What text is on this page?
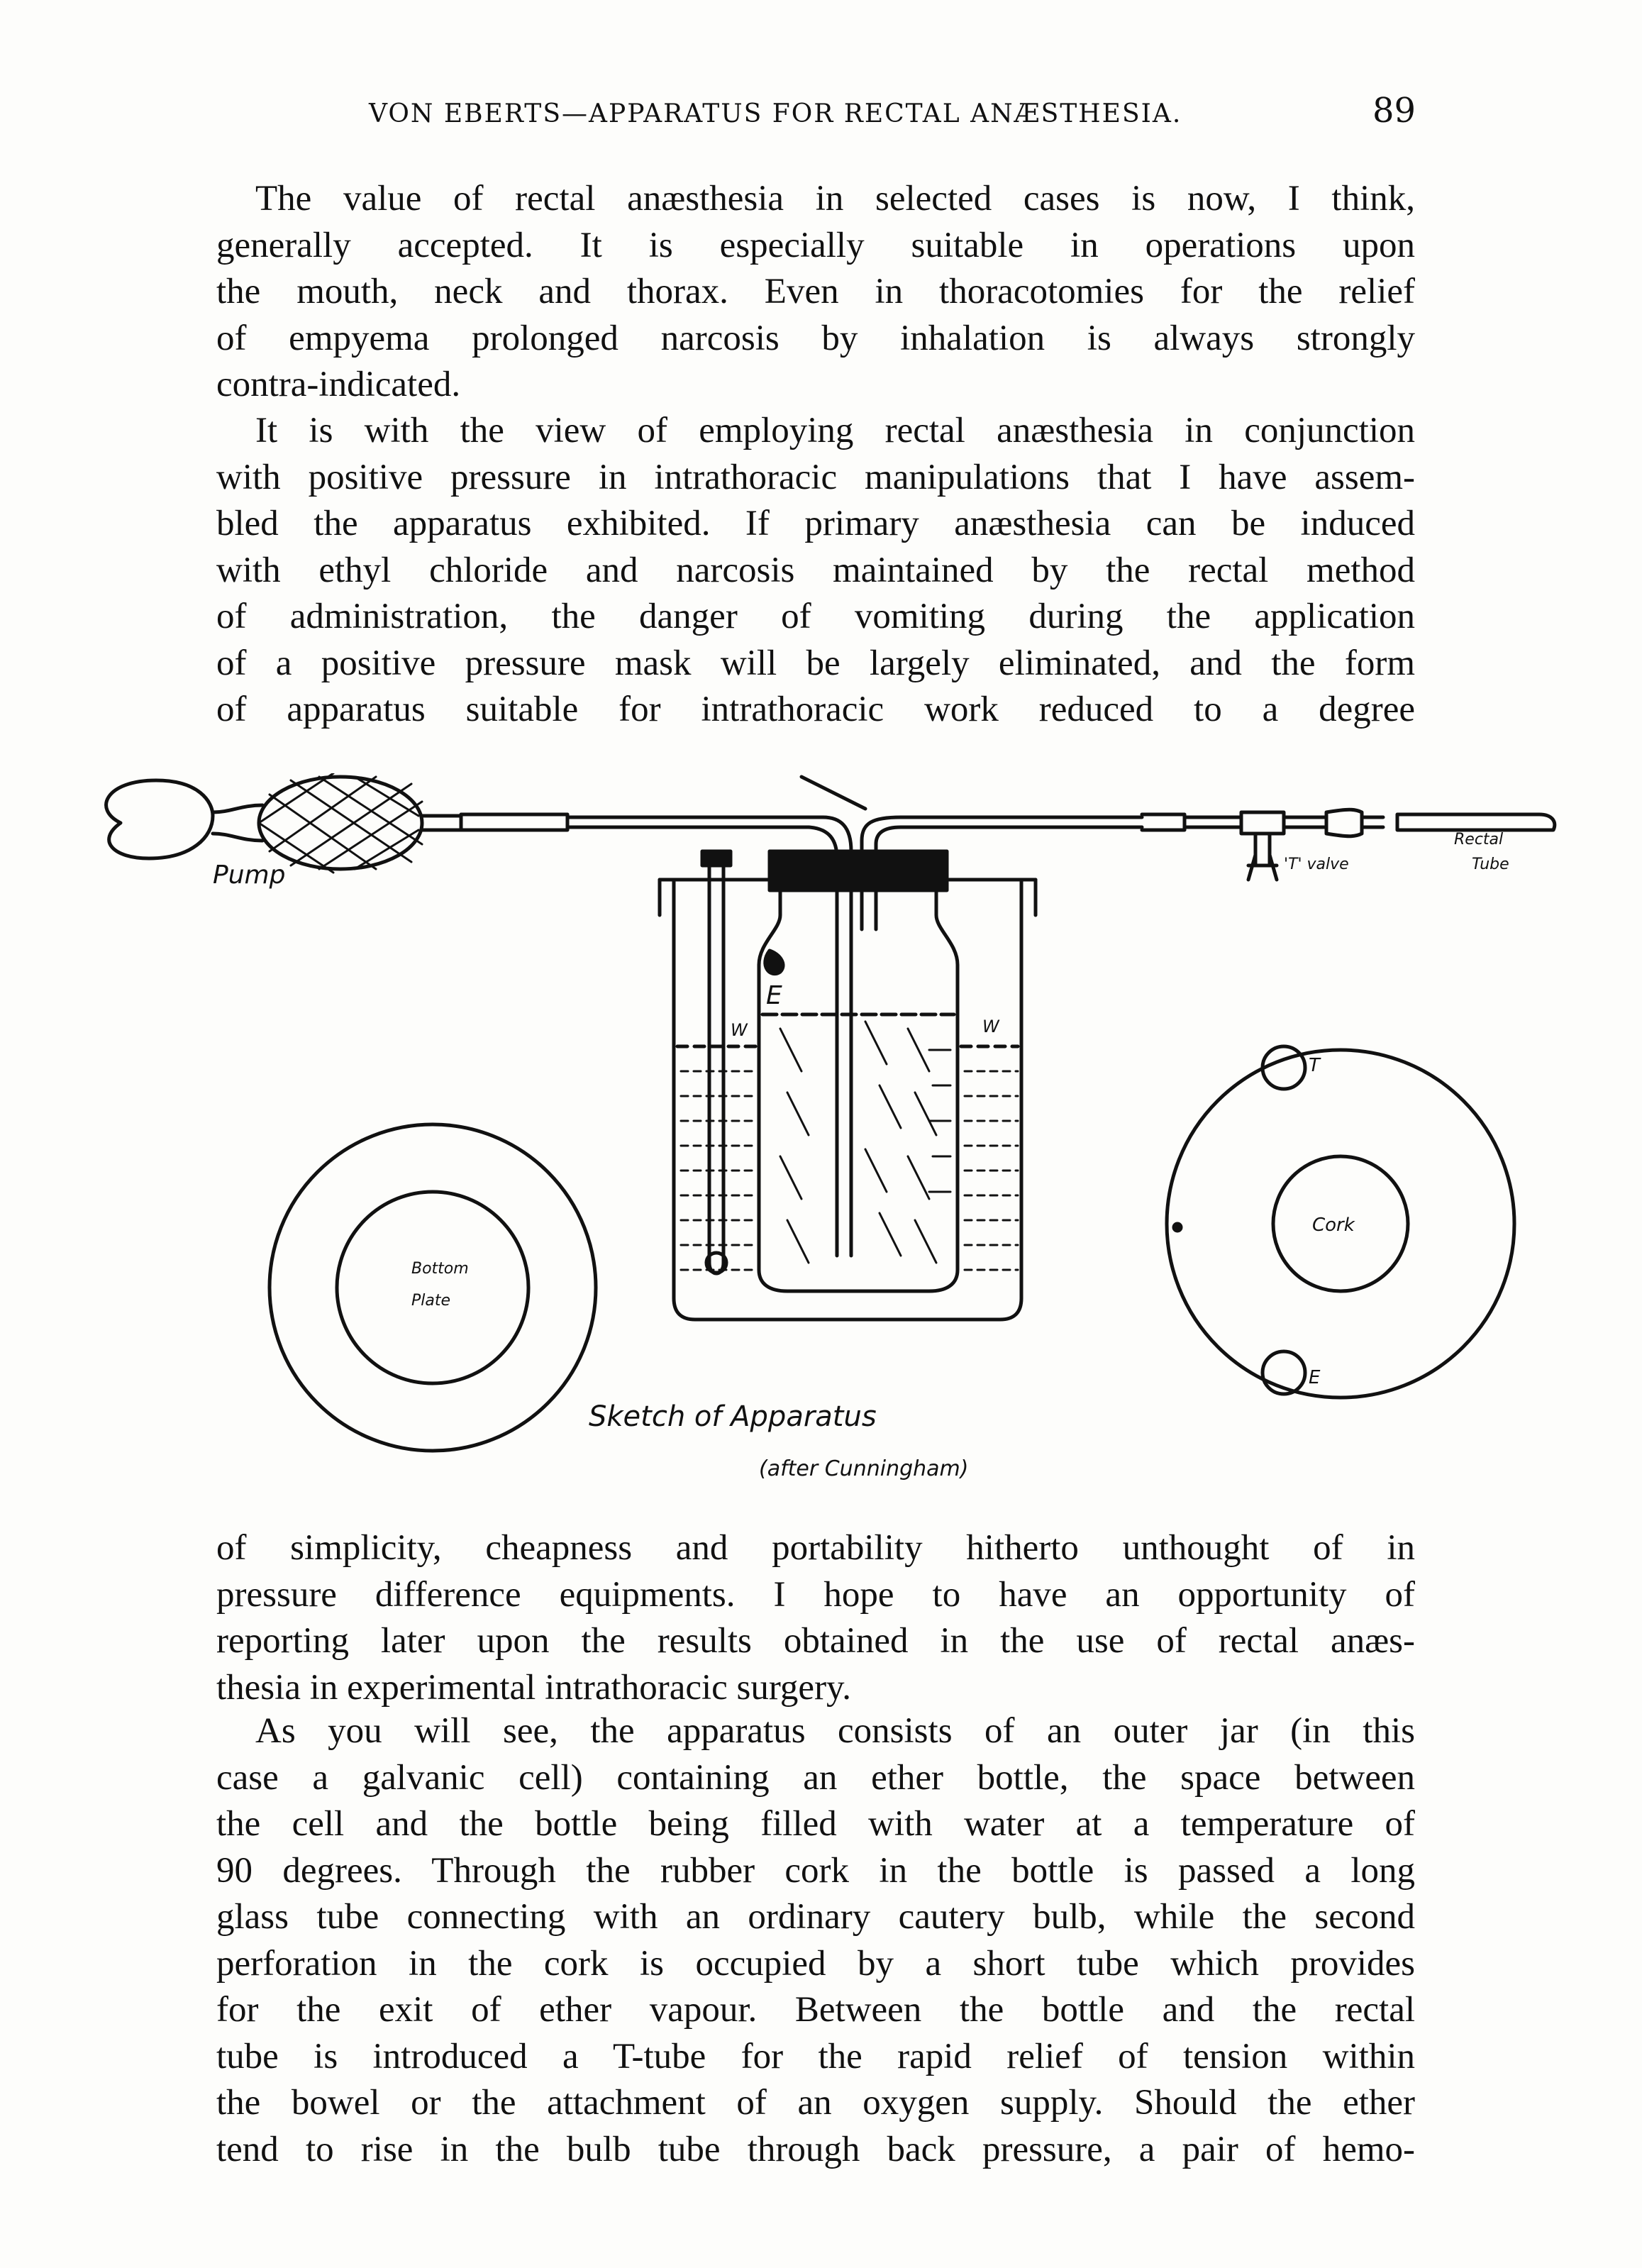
VON EBERTS—APPARATUS FOR RECTAL ANÆSTHESIA.	89
The value of rectal anæsthesia in selected cases is now, I think,
generally accepted. It is especially suitable in operations upon
the mouth, neck and thorax. Even in thoracotomies for the relief
of empyema prolonged narcosis by inhalation is always strongly
contra-indicated.
It is with the view of employing rectal anæsthesia in conjunction
with positive pressure in intrathoracic manipulations that I have assem-
bled the apparatus exhibited. If primary anæsthesia can be induced
with ethyl chloride and narcosis maintained by the rectal method
of administration, the danger of vomiting during the application
of a positive pressure mask will be largely eliminated, and the form
of apparatus suitable for intrathoracic work reduced to a degree
Pump	'T' valve
Rectal
Tube
E
W	W
Bottom
Plate
T
E
Cork
Sketch of Apparatus
(after Cunningham)
of simplicity, cheapness and portability hitherto unthought of in
pressure difference equipments. I hope to have an opportunity of
reporting later upon the results obtained in the use of rectal anæs-
thesia in experimental intrathoracic surgery.
As you will see, the apparatus consists of an outer jar (in this
case a galvanic cell) containing an ether bottle, the space between
the cell and the bottle being filled with water at a temperature of
90 degrees. Through the rubber cork in the bottle is passed a long
glass tube connecting with an ordinary cautery bulb, while the second
perforation in the cork is occupied by a short tube which provides
for the exit of ether vapour. Between the bottle and the rectal
tube is introduced a T-tube for the rapid relief of tension within
the bowel or the attachment of an oxygen supply. Should the ether
tend to rise in the bulb tube through back pressure, a pair of hemo-
